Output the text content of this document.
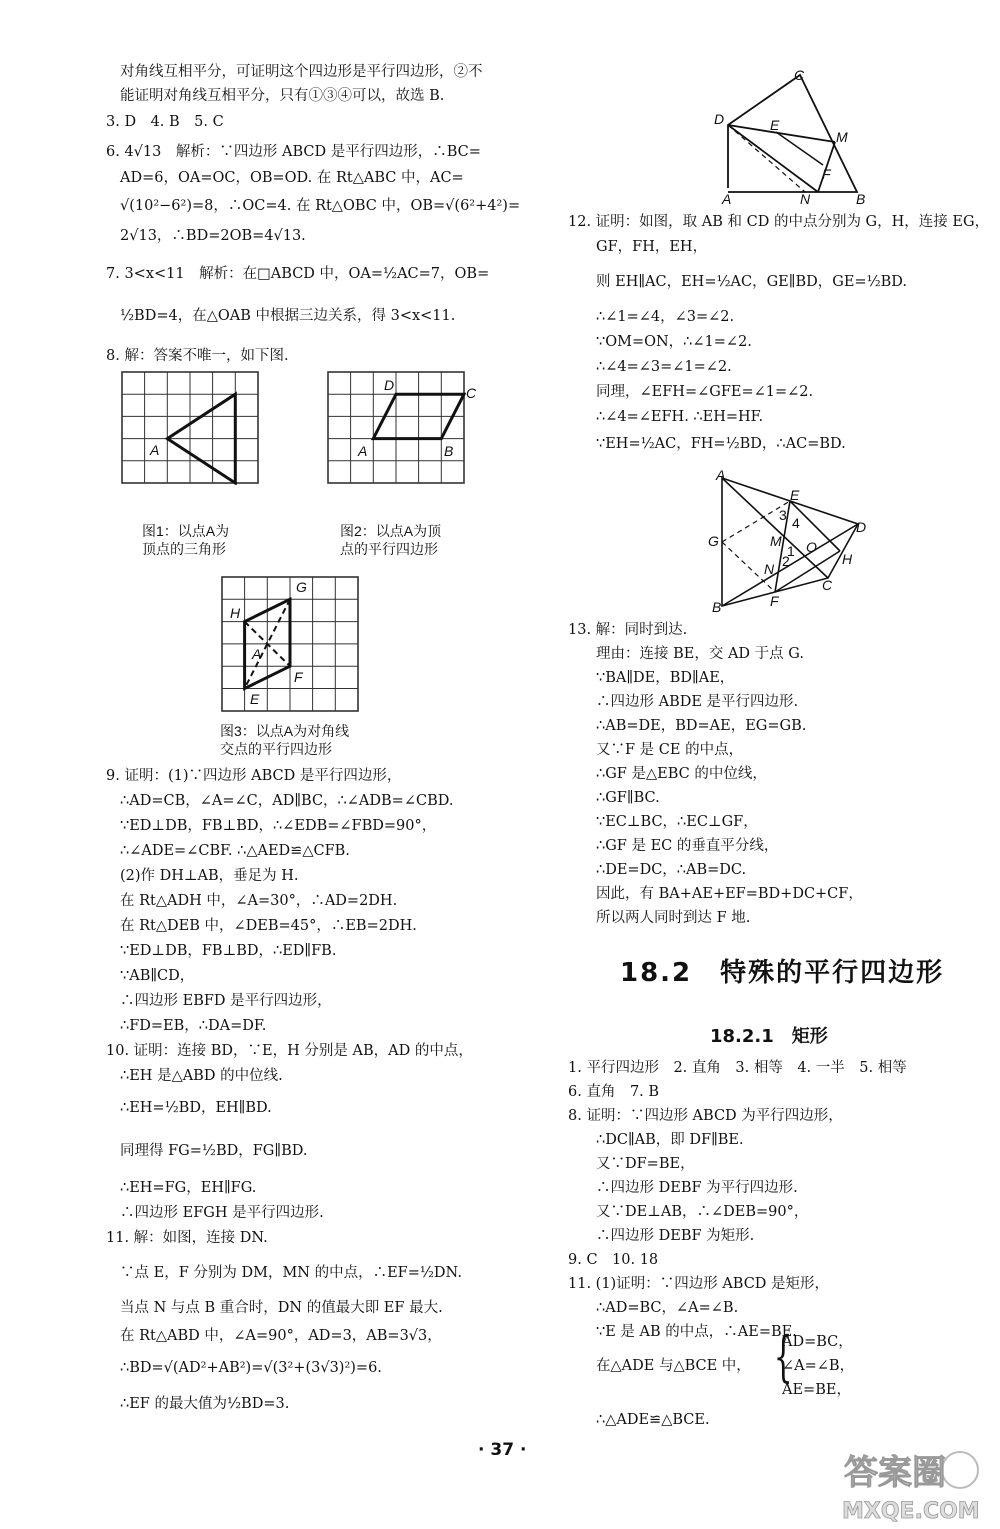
对角线互相平分，可证明这个四边形是平行四边形，②不
能证明对角线互相平分，只有①③④可以，故选 B.
3. D　4. B　5. C
6. 4√13　解析：∵四边形 ABCD 是平行四边形，∴BC=
AD=6，OA=OC，OB=OD. 在 Rt△ABC 中，AC=
√(10²−6²)=8，∴OC=4. 在 Rt△OBC 中，OB=√(6²+4²)=
2√13，∴BD=2OB=4√13.
7. 3<x<11　解析：在□ABCD 中，OA=½AC=7，OB=
½BD=4，在△OAB 中根据三边关系，得 3<x<11.
8. 解：答案不唯一，如下图.
A
图1：以点A为
顶点的三角形
D	C
A	B
图2：以点A为顶
点的平行四边形
G
H
A
F
E
图3：以点A为对角线
交点的平行四边形
9. 证明：(1)∵四边形 ABCD 是平行四边形，
∴AD=CB，∠A=∠C，AD∥BC，∴∠ADB=∠CBD.
∵ED⊥DB，FB⊥BD，∴∠EDB=∠FBD=90°，
∴∠ADE=∠CBF. ∴△AED≌△CFB.
(2)作 DH⊥AB，垂足为 H.
在 Rt△ADH 中，∠A=30°，∴AD=2DH.
在 Rt△DEB 中，∠DEB=45°，∴EB=2DH.
∵ED⊥DB，FB⊥BD，∴ED∥FB.
∵AB∥CD，
∴四边形 EBFD 是平行四边形，
∴FD=EB，∴DA=DF.
10. 证明：连接 BD，∵E，H 分别是 AB，AD 的中点，
∴EH 是△ABD 的中位线.
∴EH=½BD，EH∥BD.
同理得 FG=½BD，FG∥BD.
∴EH=FG，EH∥FG.
∴四边形 EFGH 是平行四边形.
11. 解：如图，连接 DN.
∵点 E，F 分别为 DM，MN 的中点，∴EF=½DN.
当点 N 与点 B 重合时，DN 的值最大即 EF 最大.
在 Rt△ABD 中，∠A=90°，AD=3，AB=3√3，
∴BD=√(AD²+AB²)=√(3²+(3√3)²)=6.
∴EF 的最大值为½BD=3.
C
D	E
M
F
A	N	B
12. 证明：如图，取 AB 和 CD 的中点分别为 G，H，连接 EG，
GF，FH，EH，
则 EH∥AC，EH=½AC，GE∥BD，GE=½BD.
∴∠1=∠4，∠3=∠2.
∵OM=ON，∴∠1=∠2.
∴∠4=∠3=∠1=∠2.
同理，∠EFH=∠GFE=∠1=∠2.
∴∠4=∠EFH. ∴EH=HF.
∵EH=½AC，FH=½BD，∴AC=BD.
A
E
3 4	D
G	M O
1
2
N
H
C
B	F
13. 解：同时到达.
理由：连接 BE，交 AD 于点 G.
∵BA∥DE，BD∥AE，
∴四边形 ABDE 是平行四边形.
∴AB=DE，BD=AE，EG=GB.
又∵F 是 CE 的中点，
∴GF 是△EBC 的中位线，
∴GF∥BC.
∵EC⊥BC，∴EC⊥GF，
∴GF 是 EC 的垂直平分线，
∴DE=DC，∴AB=DC.
因此，有 BA+AE+EF=BD+DC+CF，
所以两人同时到达 F 地.
18.2　特殊的平行四边形
18.2.1　矩形
1. 平行四边形　2. 直角　3. 相等　4. 一半　5. 相等
6. 直角　7. B
8. 证明：∵四边形 ABCD 为平行四边形，
∴DC∥AB，即 DF∥BE.
又∵DF=BE，
∴四边形 DEBF 为平行四边形.
又∵DE⊥AB，∴∠DEB=90°，
∴四边形 DEBF 为矩形.
9. C　10. 18
11. (1)证明：∵四边形 ABCD 是矩形，
∴AD=BC，∠A=∠B.
∵E 是 AB 的中点，∴AE=BE.
在△ADE 与△BCE 中，
AD=BC，
∠A=∠B，
AE=BE，
∴△ADE≌△BCE.
{
· 37 ·
答案圈
MXQE.COM
